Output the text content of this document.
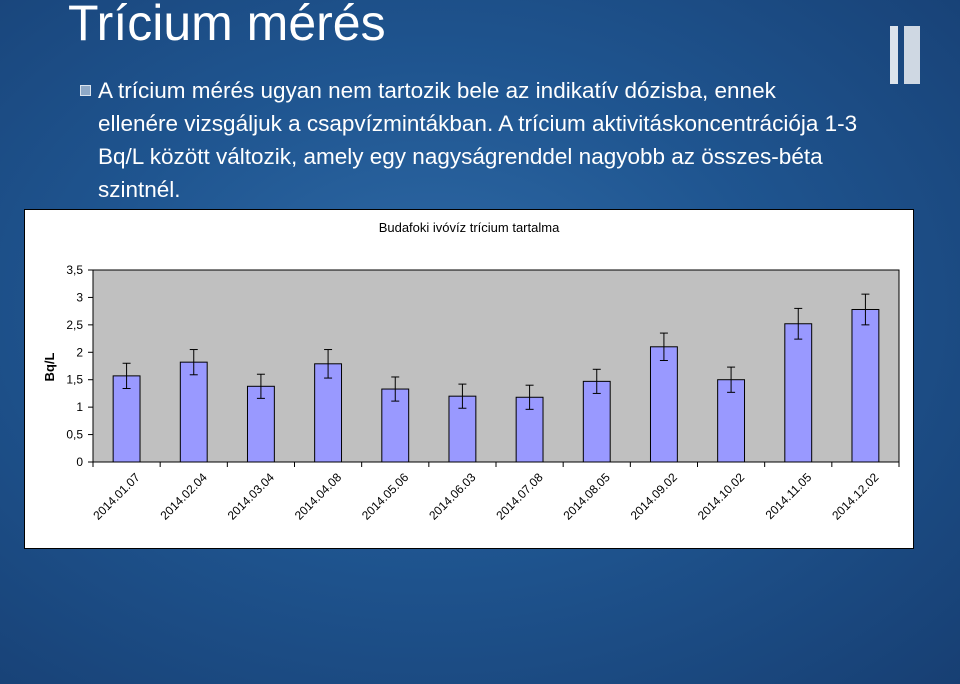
Trícium mérés

A trícium mérés ugyan nem tartozik bele az indikatív dózisba, ennek ellenére vizsgáljuk a csapvízmintákban. A trícium aktivitáskoncentrációja 1-3 Bq/L között változik, amely egy nagyságrenddel nagyobb az összes-béta szintnél.

Budafoki ivóvíz trícium tartalma
Bq/L
0
0,5
1
1,5
2
2,5
3
3,5
2014.01.07 2014.02.04 2014.03.04 2014.04.08 2014.05.06 2014.06.03 2014.07.08 2014.08.05 2014.09.02 2014.10.02 2014.11.05 2014.12.02
